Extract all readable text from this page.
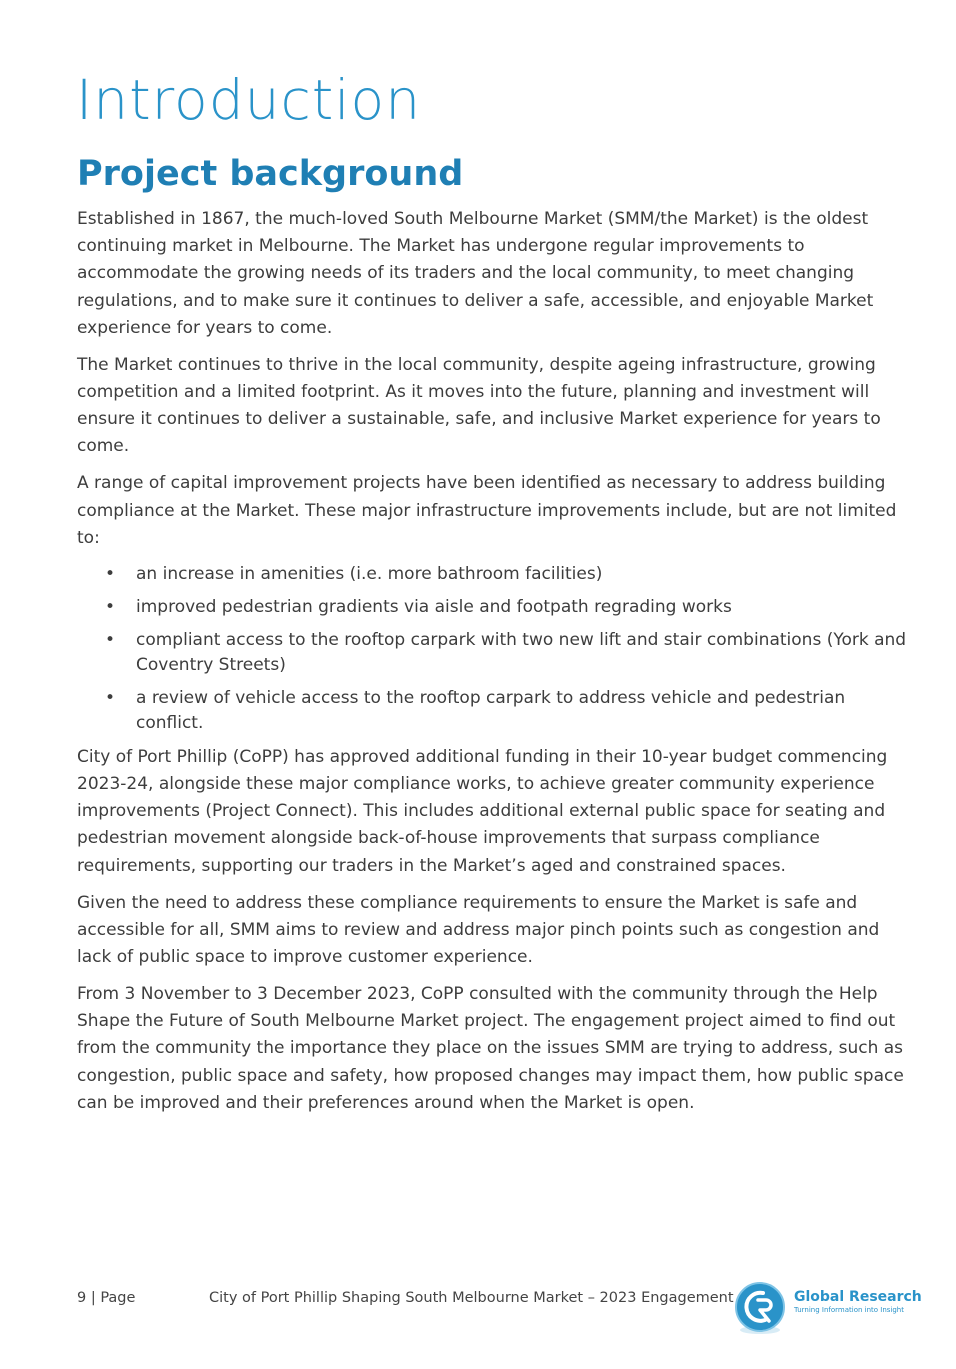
Introduction
Project background

Established in 1867, the much-loved South Melbourne Market (SMM/the Market) is the oldest continuing market in Melbourne. The Market has undergone regular improvements to accommodate the growing needs of its traders and the local community, to meet changing regulations, and to make sure it continues to deliver a safe, accessible, and enjoyable Market experience for years to come.

The Market continues to thrive in the local community, despite ageing infrastructure, growing competition and a limited footprint. As it moves into the future, planning and investment will ensure it continues to deliver a sustainable, safe, and inclusive Market experience for years to come.

A range of capital improvement projects have been identified as necessary to address building compliance at the Market. These major infrastructure improvements include, but are not limited to:

• an increase in amenities (i.e. more bathroom facilities)
• improved pedestrian gradients via aisle and footpath regrading works
• compliant access to the rooftop carpark with two new lift and stair combinations (York and Coventry Streets)
• a review of vehicle access to the rooftop carpark to address vehicle and pedestrian conflict.

City of Port Phillip (CoPP) has approved additional funding in their 10-year budget commencing 2023-24, alongside these major compliance works, to achieve greater community experience improvements (Project Connect). This includes additional external public space for seating and pedestrian movement alongside back-of-house improvements that surpass compliance requirements, supporting our traders in the Market’s aged and constrained spaces.

Given the need to address these compliance requirements to ensure the Market is safe and accessible for all, SMM aims to review and address major pinch points such as congestion and lack of public space to improve customer experience.

From 3 November to 3 December 2023, CoPP consulted with the community through the Help Shape the Future of South Melbourne Market project. The engagement project aimed to find out from the community the importance they place on the issues SMM are trying to address, such as congestion, public space and safety, how proposed changes may impact them, how public space can be improved and their preferences around when the Market is open.

9 | Page	City of Port Phillip Shaping South Melbourne Market – 2023 Engagement	Global Research
Turning Information into Insight
